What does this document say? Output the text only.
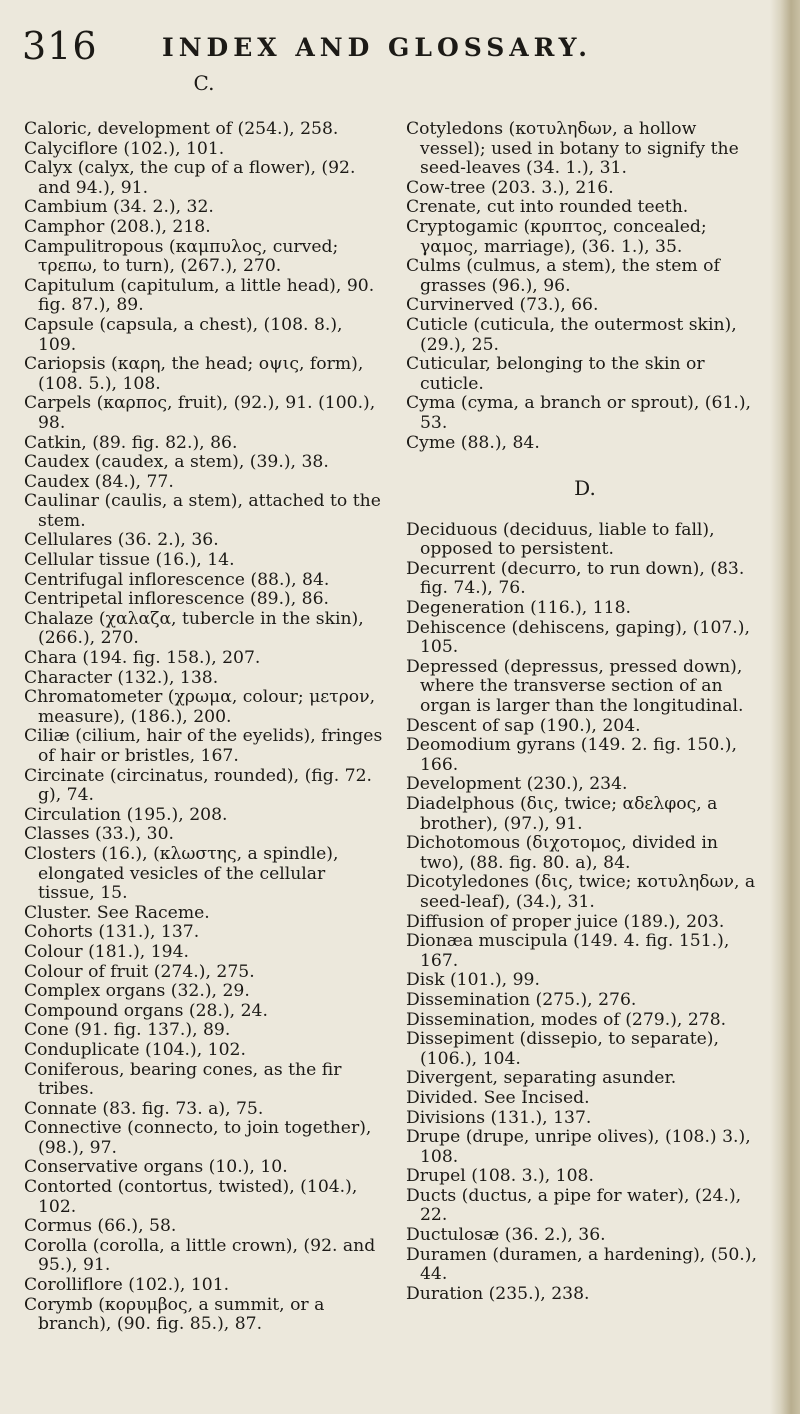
316	INDEX AND GLOSSARY.
C.

Caloric, development of (254.), 258.

Calyciflore (102.), 101.

Calyx (calyx, the cup of a flower), (92. and 94.), 91.

Cambium (34. 2.), 32.

Camphor (208.), 218.

Campulitropous (καμπυλος, curved; τρεπω, to turn), (267.), 270.

Capitulum (capitulum, a little head), 90. fig. 87.), 89.

Capsule (capsula, a chest), (108. 8.), 109.

Cariopsis (καρη, the head; οψις, form), (108. 5.), 108.

Carpels (καρπος, fruit), (92.), 91. (100.), 98.

Catkin, (89. fig. 82.), 86.

Caudex (caudex, a stem), (39.), 38.

Caudex (84.), 77.

Caulinar (caulis, a stem), attached to the stem.

Cellulares (36. 2.), 36.

Cellular tissue (16.), 14.

Centrifugal inflorescence (88.), 84.

Centripetal inflorescence (89.), 86.

Chalaze (χαλαζα, tubercle in the skin), (266.), 270.

Chara (194. fig. 158.), 207.

Character (132.), 138.

Chromatometer (χρωμα, colour; μετρον, measure), (186.), 200.

Ciliæ (cilium, hair of the eyelids), fringes of hair or bristles, 167.

Circinate (circinatus, rounded), (fig. 72. g), 74.

Circulation (195.), 208.

Classes (33.), 30.

Closters (16.), (κλωστης, a spindle), elongated vesicles of the cellular tissue, 15.

Cluster. See Raceme.

Cohorts (131.), 137.

Colour (181.), 194.

Colour of fruit (274.), 275.

Complex organs (32.), 29.

Compound organs (28.), 24.

Cone (91. fig. 137.), 89.

Conduplicate (104.), 102.

Coniferous, bearing cones, as the fir tribes.

Connate (83. fig. 73. a), 75.

Connective (connecto, to join together), (98.), 97.

Conservative organs (10.), 10.

Contorted (contortus, twisted), (104.), 102.

Cormus (66.), 58.

Corolla (corolla, a little crown), (92. and 95.), 91.

Corolliflore (102.), 101.

Corymb (κορυμβος, a summit, or a branch), (90. fig. 85.), 87.

Cotyledons (κοτυληδων, a hollow vessel); used in botany to signify the seed-leaves (34. 1.), 31.

Cow-tree (203. 3.), 216.

Crenate, cut into rounded teeth.

Cryptogamic (κρυπτος, concealed; γαμος, marriage), (36. 1.), 35.

Culms (culmus, a stem), the stem of grasses (96.), 96.

Curvinerved (73.), 66.

Cuticle (cuticula, the outermost skin), (29.), 25.

Cuticular, belonging to the skin or cuticle.

Cyma (cyma, a branch or sprout), (61.), 53.

Cyme (88.), 84.

D.

Deciduous (deciduus, liable to fall), opposed to persistent.

Decurrent (decurro, to run down), (83. fig. 74.), 76.

Degeneration (116.), 118.

Dehiscence (dehiscens, gaping), (107.), 105.

Depressed (depressus, pressed down), where the transverse section of an organ is larger than the longitudinal.

Descent of sap (190.), 204.

Deomodium gyrans (149. 2. fig. 150.), 166.

Development (230.), 234.

Diadelphous (δις, twice; αδελφος, a brother), (97.), 91.

Dichotomous (διχοτομος, divided in two), (88. fig. 80. a), 84.

Dicotyledones (δις, twice; κοτυληδων, a seed-leaf), (34.), 31.

Diffusion of proper juice (189.), 203.

Dionæa muscipula (149. 4. fig. 151.), 167.

Disk (101.), 99.

Dissemination (275.), 276.

Dissemination, modes of (279.), 278.

Dissepiment (dissepio, to separate), (106.), 104.

Divergent, separating asunder.

Divided. See Incised.

Divisions (131.), 137.

Drupe (drupe, unripe olives), (108.) 3.), 108.

Drupel (108. 3.), 108.

Ducts (ductus, a pipe for water), (24.), 22.

Ductulosæ (36. 2.), 36.

Duramen (duramen, a hardening), (50.), 44.

Duration (235.), 238.
